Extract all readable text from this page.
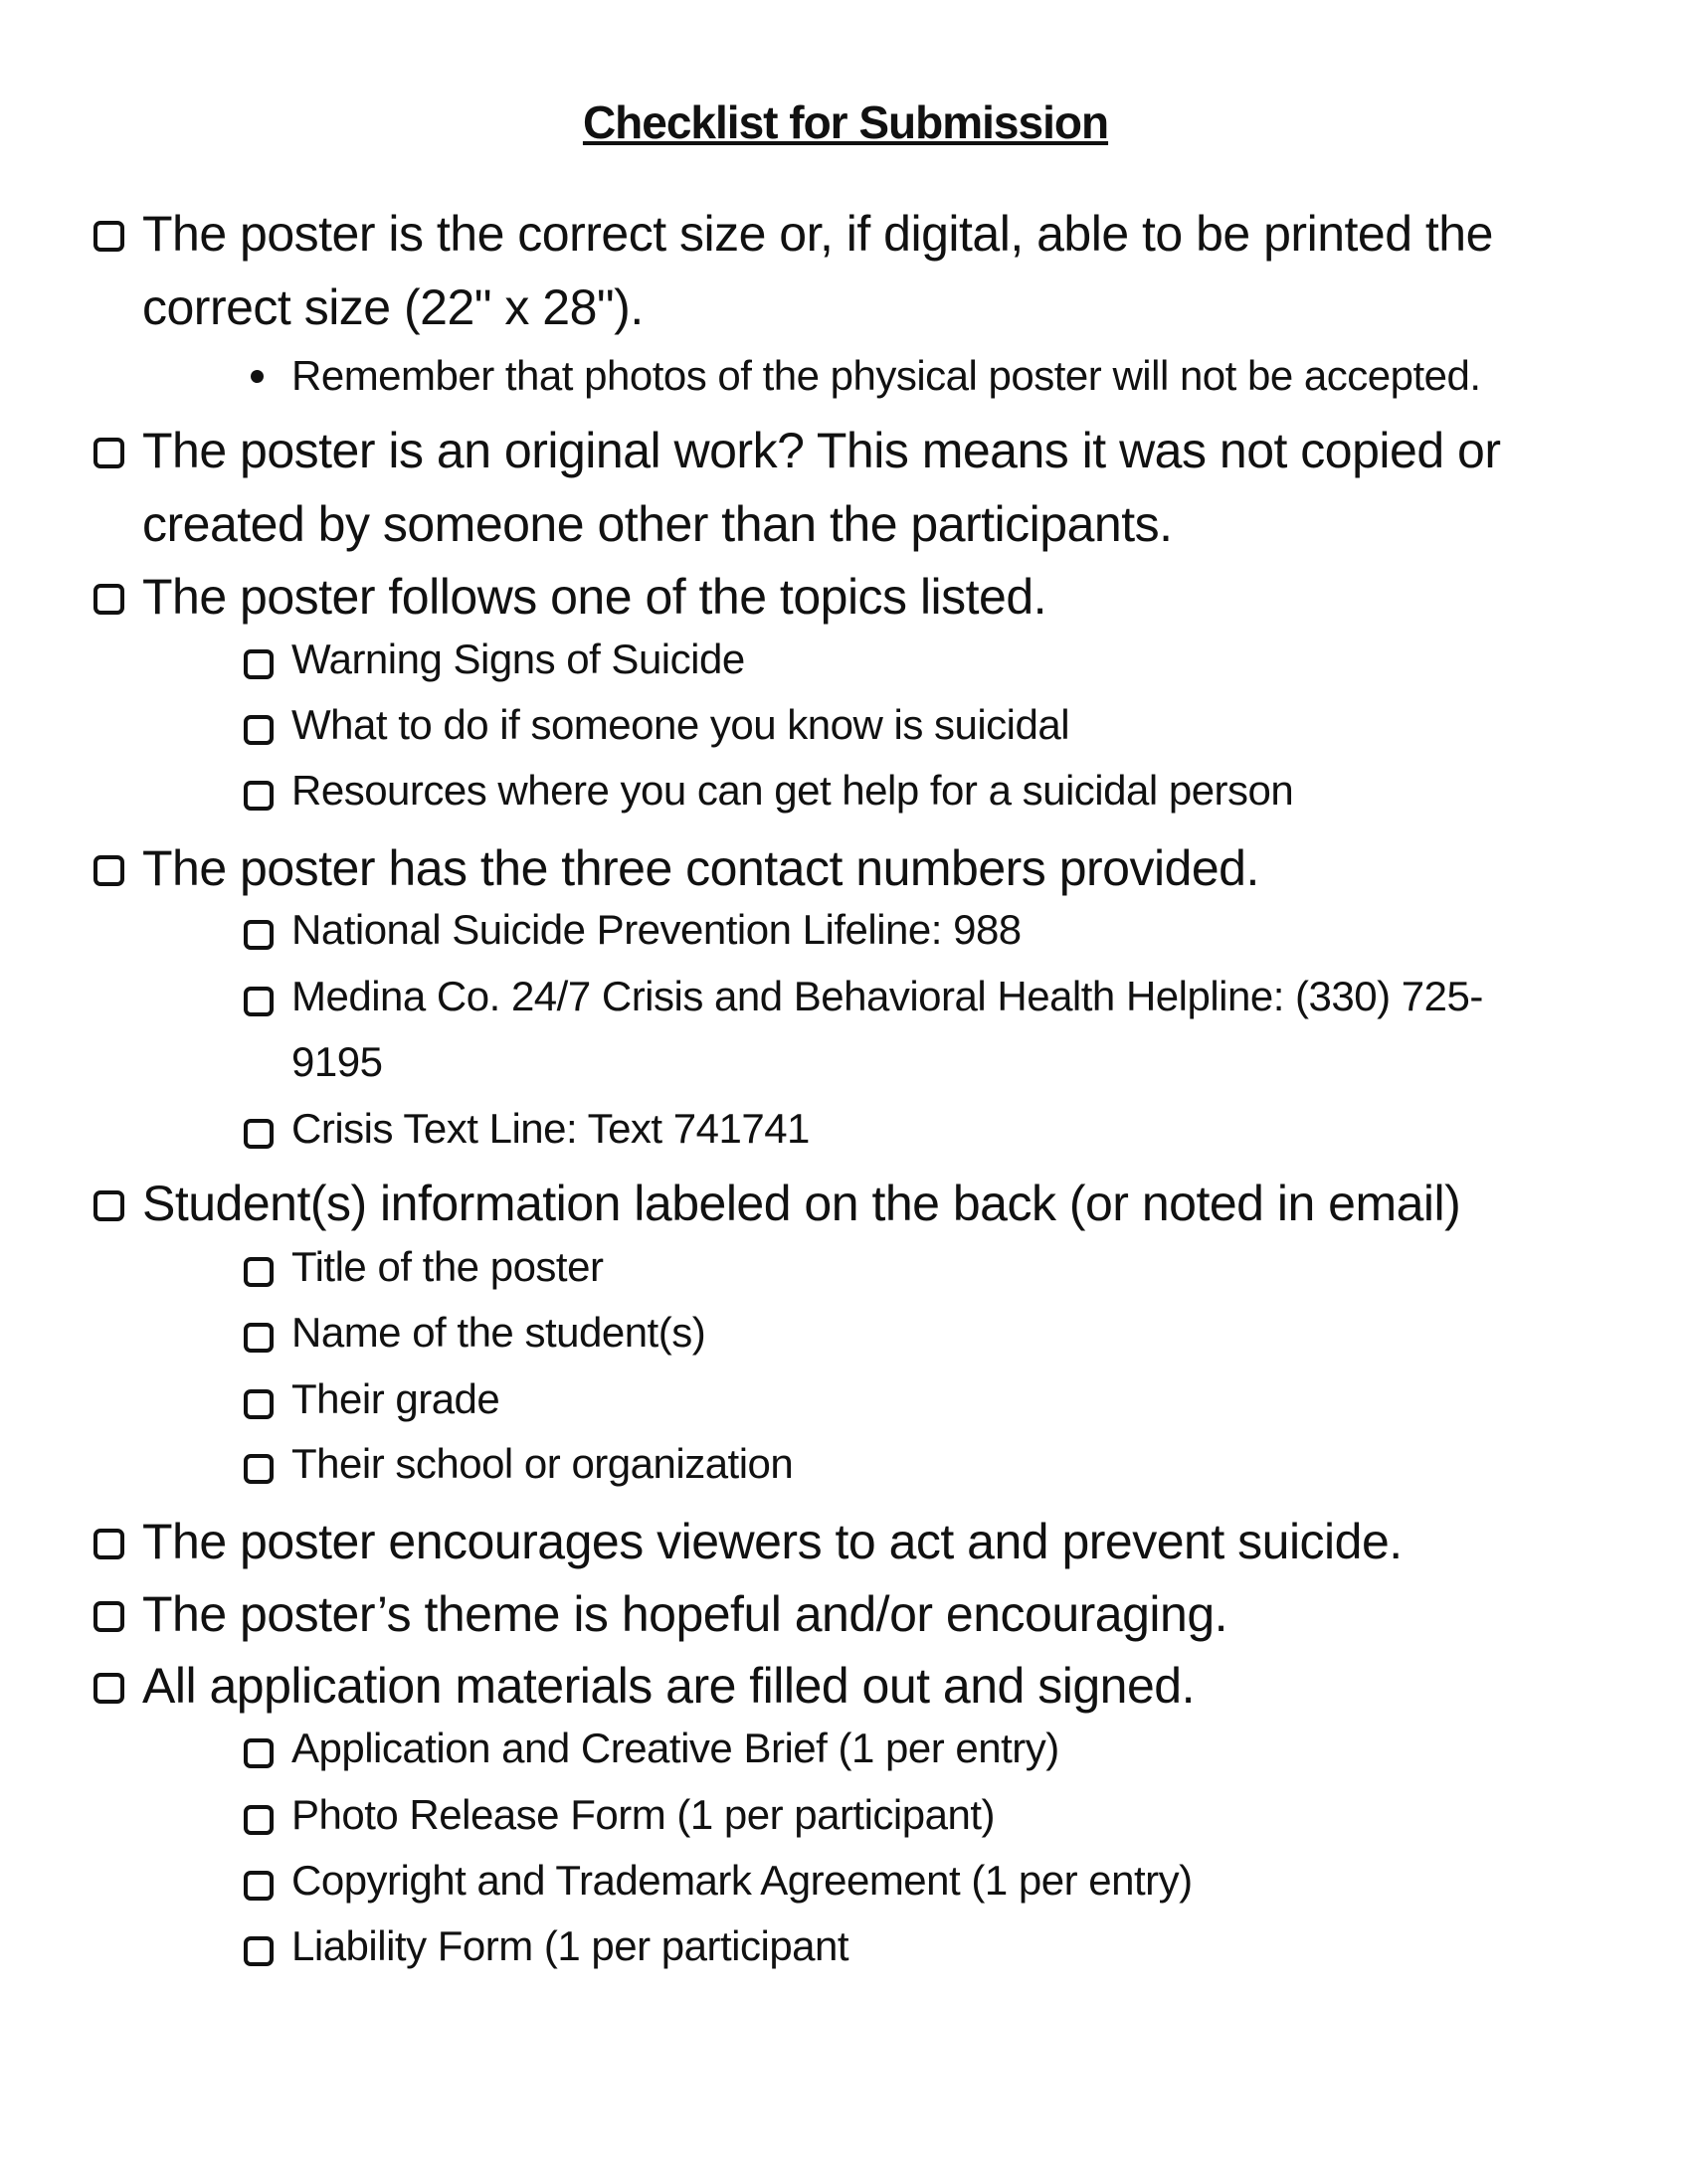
Checklist for Submission
The poster is the correct size or, if digital, able to be printed the
correct size (22" x 28").
Remember that photos of the physical poster will not be accepted.
The poster is an original work? This means it was not copied or
created by someone other than the participants.
The poster follows one of the topics listed.
Warning Signs of Suicide
What to do if someone you know is suicidal
Resources where you can get help for a suicidal person
The poster has the three contact numbers provided.
National Suicide Prevention Lifeline: 988
Medina Co. 24/7 Crisis and Behavioral Health Helpline: (330) 725-
9195
Crisis Text Line: Text 741741
Student(s) information labeled on the back (or noted in email)
Title of the poster
Name of the student(s)
Their grade
Their school or organization
The poster encourages viewers to act and prevent suicide.
The poster’s theme is hopeful and/or encouraging.
All application materials are filled out and signed.
Application and Creative Brief (1 per entry)
Photo Release Form (1 per participant)
Copyright and Trademark Agreement (1 per entry)
Liability Form (1 per participant
